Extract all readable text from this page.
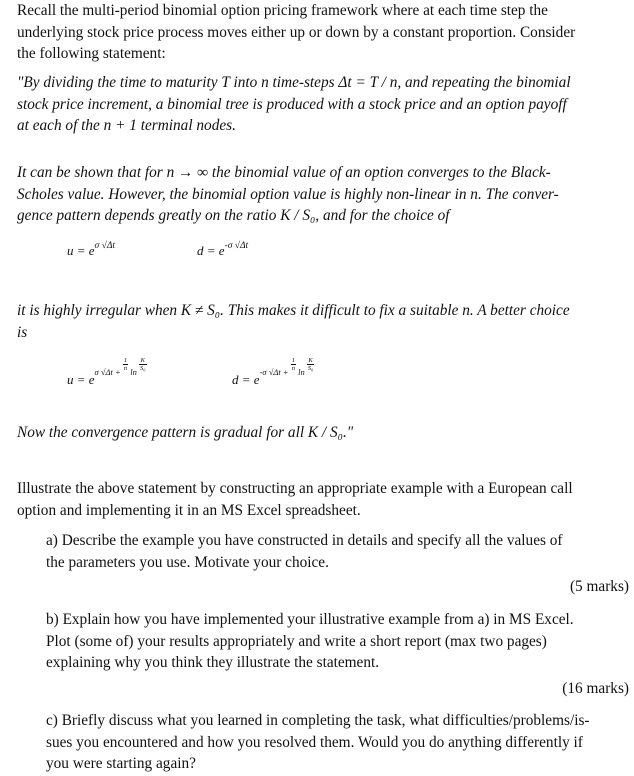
Recall the multi-period binomial option pricing framework where at each time step the

underlying stock price process moves either up or down by a constant proportion. Consider

the following statement:

"By dividing the time to maturity T into n time-steps Δt = T / n, and repeating the binomial

stock price increment, a binomial tree is produced with a stock price and an option payoff

at each of the n + 1 terminal nodes.

It can be shown that for n → ∞ the binomial value of an option converges to the Black-

Scholes value. However, the binomial option value is highly non-linear in n. The conver-

gence pattern depends greatly on the ratio K / S₀, and for the choice of

$u = e^{\sigma √\Delta t}$	$d = e^{-\sigma √\Delta t}$

it is highly irregular when K ≠ S₀. This makes it difficult to fix a suitable n. A better choice

is

$u = e^{\sigma √\Delta t + \frac{1}{n} ln \frac{K}{\text{S₀}}}$
$d = e^{-\sigma √\Delta t + \frac{1}{n} ln \frac{K}{\text{S₀}}}$

Now the convergence pattern is gradual for all K / S₀."

Illustrate the above statement by constructing an appropriate example with a European call

option and implementing it in an MS Excel spreadsheet.

a) Describe the example you have constructed in details and specify all the values of

the parameters you use. Motivate your choice.

(5 marks)

b) Explain how you have implemented your illustrative example from a) in MS Excel.

Plot (some of) your results appropriately and write a short report (max two pages)

explaining why you think they illustrate the statement.

(16 marks)

c) Briefly discuss what you learned in completing the task, what difficulties/problems/is-

sues you encountered and how you resolved them. Would you do anything differently if

you were starting again?
